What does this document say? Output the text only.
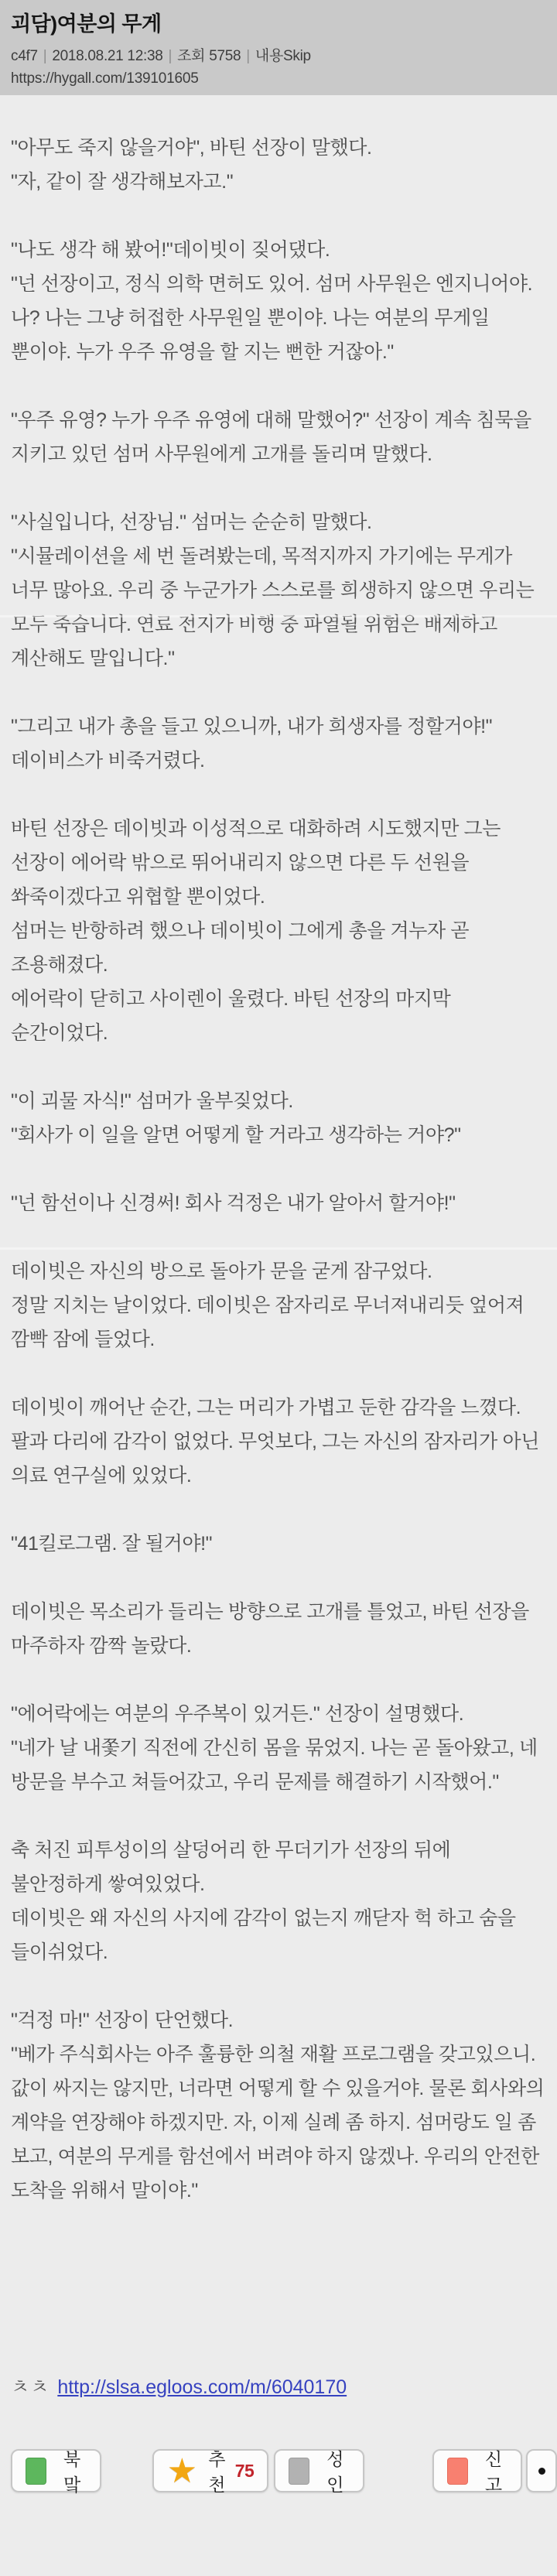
괴담)여분의 무게
c4f7 | 2018.08.21 12:38 | 조회 5758 | 내용Skip
https://hygall.com/139101605

"아무도 죽지 않을거야", 바틴 선장이 말했다.
"자, 같이 잘 생각해보자고."

"나도 생각 해 봤어!"데이빗이 짖어댔다.
"넌 선장이고, 정식 의학 면허도 있어. 섬머 사무원은 엔지니어야. 나? 나는 그냥 허접한 사무원일 뿐이야. 나는 여분의 무게일 뿐이야. 누가 우주 유영을 할 지는 뻔한 거잖아."

"우주 유영? 누가 우주 유영에 대해 말했어?" 선장이 계속 침묵을 지키고 있던 섬머 사무원에게 고개를 돌리며 말했다.

"사실입니다, 선장님." 섬머는 순순히 말했다.
"시뮬레이션을 세 번 돌려봤는데, 목적지까지 가기에는 무게가 너무 많아요. 우리 중 누군가가 스스로를 희생하지 않으면 우리는 모두 죽습니다. 연료 전지가 비행 중 파열될 위험은 배제하고 계산해도 말입니다."

"그리고 내가 총을 들고 있으니까, 내가 희생자를 정할거야!" 데이비스가 비죽거렸다.

바틴 선장은 데이빗과 이성적으로 대화하려 시도했지만 그는 선장이 에어락 밖으로 뛰어내리지 않으면 다른 두 선원을 쏴죽이겠다고 위협할 뿐이었다.
섬머는 반항하려 했으나 데이빗이 그에게 총을 겨누자 곧 조용해졌다.
에어락이 닫히고 사이렌이 울렸다. 바틴 선장의 마지막 순간이었다.

"이 괴물 자식!" 섬머가 울부짖었다.
"회사가 이 일을 알면 어떻게 할 거라고 생각하는 거야?"

"넌 함선이나 신경써! 회사 걱정은 내가 알아서 할거야!"

데이빗은 자신의 방으로 돌아가 문을 굳게 잠구었다.
정말 지치는 날이었다. 데이빗은 잠자리로 무너져내리듯 엎어져 깜빡 잠에 들었다.

데이빗이 깨어난 순간, 그는 머리가 가볍고 둔한 감각을 느꼈다. 팔과 다리에 감각이 없었다. 무엇보다, 그는 자신의 잠자리가 아닌 의료 연구실에 있었다.

"41킬로그램. 잘 될거야!"

데이빗은 목소리가 들리는 방향으로 고개를 틀었고, 바틴 선장을 마주하자 깜짝 놀랐다.

"에어락에는 여분의 우주복이 있거든." 선장이 설명했다.
"네가 날 내쫓기 직전에 간신히 몸을 묶었지. 나는 곧 돌아왔고, 네 방문을 부수고 쳐들어갔고, 우리 문제를 해결하기 시작했어."

축 처진 피투성이의 살덩어리 한 무더기가 선장의 뒤에 불안정하게 쌓여있었다.
데이빗은 왜 자신의 사지에 감각이 없는지 깨닫자 헉 하고 숨을 들이쉬었다.

"걱정 마!" 선장이 단언했다.
"베가 주식회사는 아주 훌륭한 의철 재활 프로그램을 갖고있으니. 값이 싸지는 않지만, 너라면 어떻게 할 수 있을거야. 물론 회사와의 계약을 연장해야 하겠지만. 자, 이제 실례 좀 하지. 섬머랑도 일 좀 보고, 여분의 무게를 함선에서 버려야 하지 않겠나. 우리의 안전한 도착을 위해서 말이야."

ㅊㅊ http://slsa.egloos.com/m/6040170
북맠	★ 추천
75
성인
신고
